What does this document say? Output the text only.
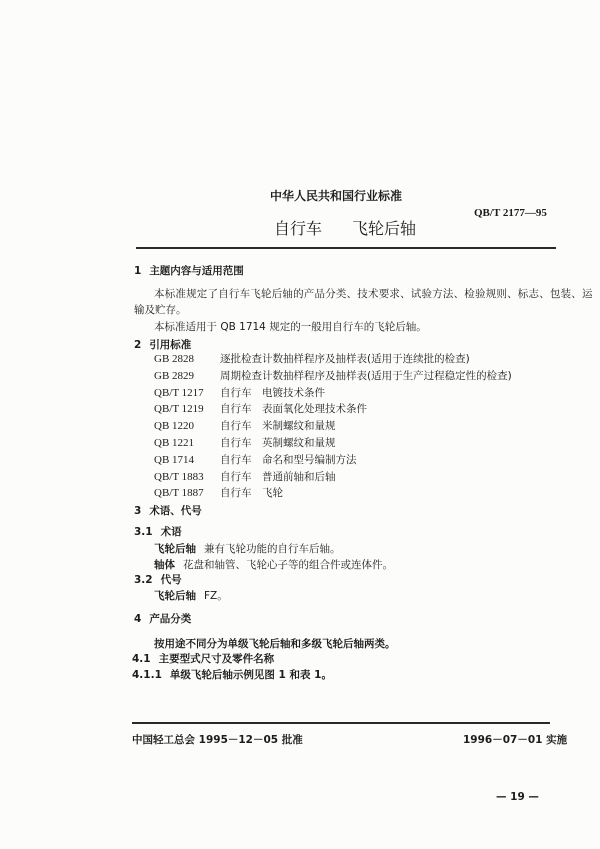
中华人民共和国行业标准
QB/T 2177—95
自行车 飞轮后轴
1 主题内容与适用范围
本标准规定了自行车飞轮后轴的产品分类、技术要求、试验方法、检验规则、标志、包装、运
输及贮存。
本标准适用于 QB 1714 规定的一般用自行车的飞轮后轴。
2 引用标准
GB 2828 逐批检查计数抽样程序及抽样表(适用于连续批的检查)
GB 2829 周期检查计数抽样程序及抽样表(适用于生产过程稳定性的检查)
QB/T 1217 自行车　电镀技术条件
QB/T 1219 自行车　表面氧化处理技术条件
QB 1220 自行车　米制螺纹和量规
QB 1221 自行车　英制螺纹和量规
QB 1714 自行车　命名和型号编制方法
QB/T 1883 自行车　普通前轴和后轴
QB/T 1887 自行车　飞轮
3 术语、代号
3.1 术语
飞轮后轴 兼有飞轮功能的自行车后轴。
轴体 花盘和轴管、飞轮心子等的组合件或连体件。
3.2 代号
飞轮后轴 FZ。
4 产品分类
按用途不同分为单级飞轮后轴和多级飞轮后轴两类。
4.1 主要型式尺寸及零件名称
4.1.1 单级飞轮后轴示例见图 1 和表 1。
中国轻工总会 1995－12－05 批准	1996－07－01 实施
— 19 —
